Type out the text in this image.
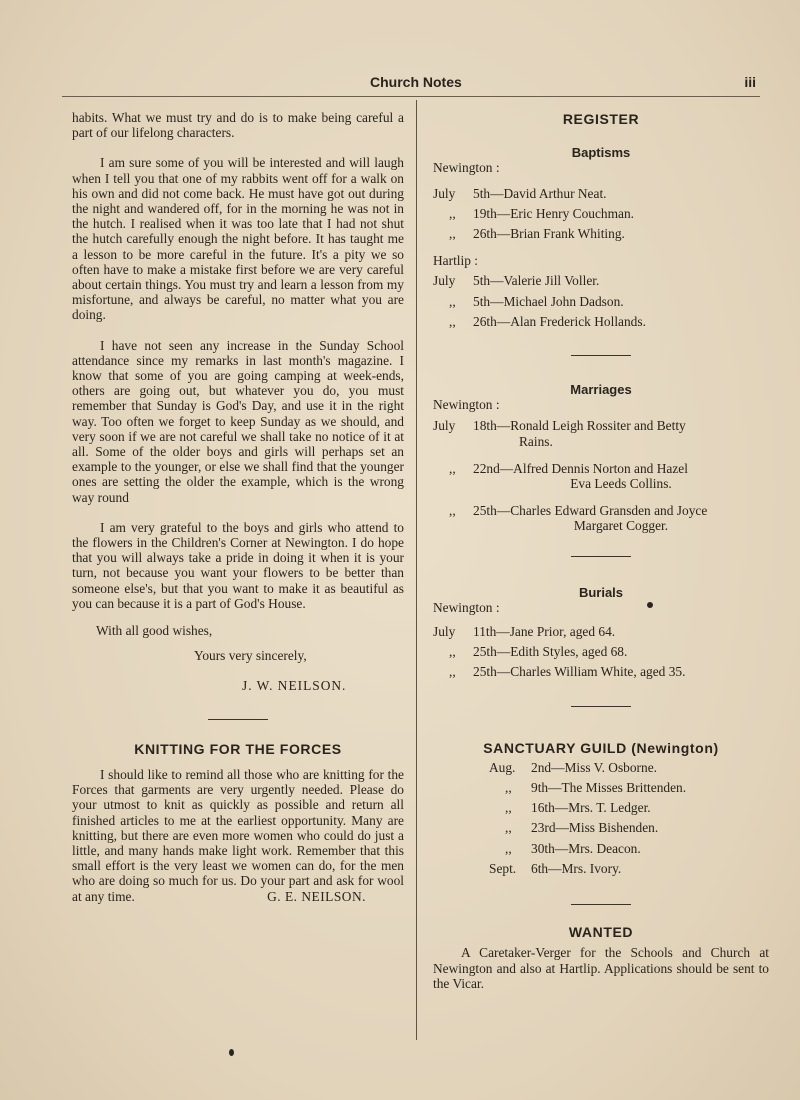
Church Notes	iii

habits. What we must try and do is to make being careful a part of our lifelong characters.

I am sure some of you will be interested and will laugh when I tell you that one of my rabbits went off for a walk on his own and did not come back. He must have got out during the night and wandered off, for in the morning he was not in the hutch. I realised when it was too late that I had not shut the hutch carefully enough the night before. It has taught me a lesson to be more careful in the future. It's a pity we so often have to make a mistake first before we are very careful about certain things. You must try and learn a lesson from my misfortune, and always be careful, no matter what you are doing.

I have not seen any increase in the Sunday School attendance since my remarks in last month's magazine. I know that some of you are going camping at week-ends, others are going out, but whatever you do, you must remember that Sunday is God's Day, and use it in the right way. Too often we forget to keep Sunday as we should, and very soon if we are not careful we shall take no notice of it at all. Some of the older boys and girls will perhaps set an example to the younger, or else we shall find that the younger ones are setting the older the example, which is the wrong way round

I am very grateful to the boys and girls who attend to the flowers in the Children's Corner at Newington. I do hope that you will always take a pride in doing it when it is your turn, not because you want your flowers to be better than someone else's, but that you want to make it as beautiful as you can because it is a part of God's House.

With all good wishes,
Yours very sincerely,
J. W. NEILSON.
KNITTING FOR THE FORCES

I should like to remind all those who are knitting for the Forces that garments are very urgently needed. Please do your utmost to knit as quickly as possible and return all finished articles to me at the earliest opportunity. Many are knitting, but there are even more women who could do just a little, and many hands make light work. Remember that this small effort is the very least we women can do, for the men who are doing so much for us. Do your part and ask for wool at any time.	G. E. NEILSON.
REGISTER
Baptisms
Newington :
July	5th—David Arthur Neat.
,,	19th—Eric Henry Couchman.
,,	26th—Brian Frank Whiting.
Hartlip :
July	5th—Valerie Jill Voller.
,,	5th—Michael John Dadson.
,,	26th—Alan Frederick Hollands.
Marriages
Newington :
July	18th—Ronald Leigh Rossiter and Betty
Rains.
,,	22nd—Alfred Dennis Norton and Hazel
Eva Leeds Collins.
,,	25th—Charles Edward Gransden and Joyce
Margaret Cogger.
Burials
Newington :
July	11th—Jane Prior, aged 64.
,,	25th—Edith Styles, aged 68.
,,	25th—Charles William White, aged 35.
SANCTUARY GUILD (Newington)
Aug.	2nd—Miss V. Osborne.
,,	9th—The Misses Brittenden.
,,	16th—Mrs. T. Ledger.
,,	23rd—Miss Bishenden.
,,	30th—Mrs. Deacon.
Sept.	6th—Mrs. Ivory.
WANTED

A Caretaker-Verger for the Schools and Church at Newington and also at Hartlip. Applications should be sent to the Vicar.
